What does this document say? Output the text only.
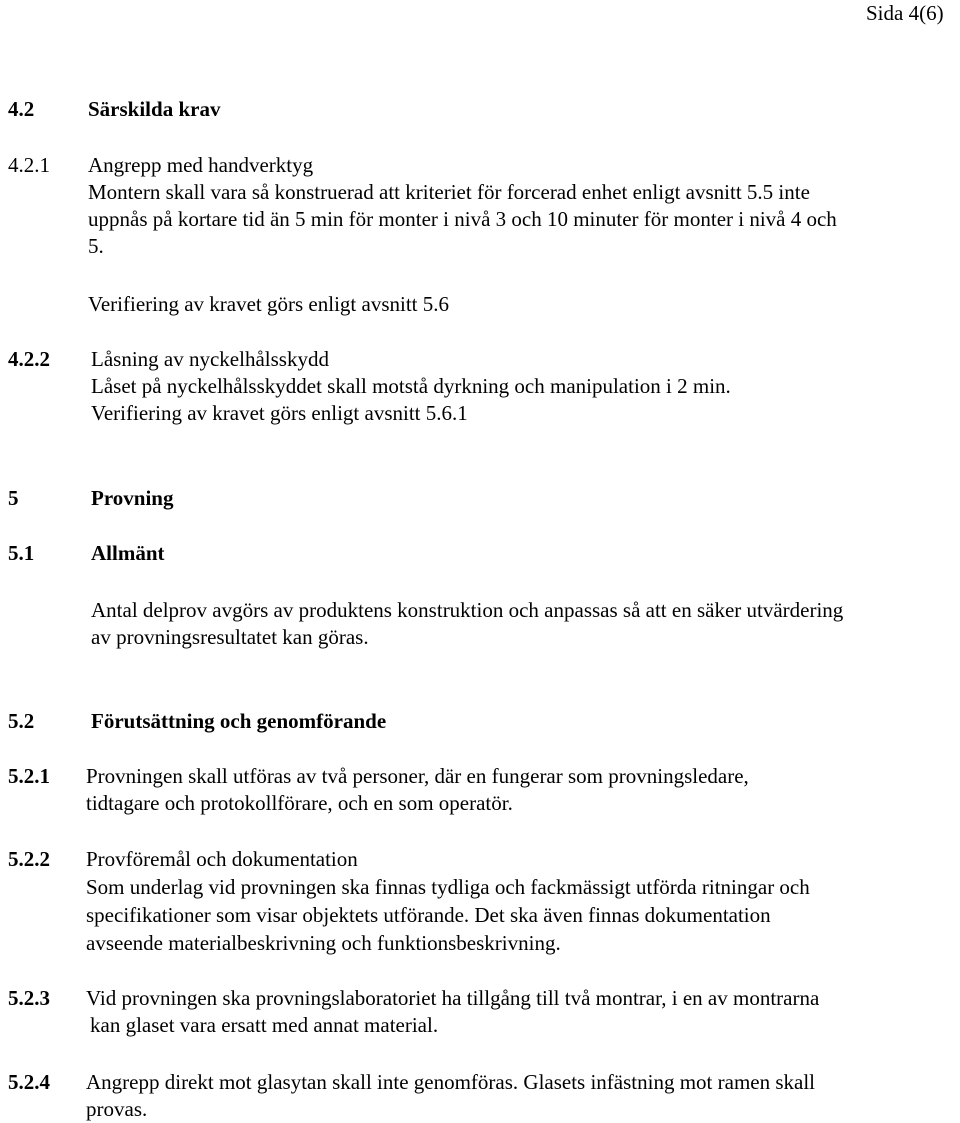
Sida 4(6)
4.2	Särskilda krav
4.2.1 Angrepp med handverktyg
Montern skall vara så konstruerad att kriteriet för forcerad enhet enligt avsnitt 5.5 inte
uppnås på kortare tid än 5 min för monter i nivå 3 och 10 minuter för monter i nivå 4 och
5.
Verifiering av kravet görs enligt avsnitt 5.6
4.2.2 Låsning av nyckelhålsskydd
Låset på nyckelhålsskyddet skall motstå dyrkning och manipulation i 2 min.
Verifiering av kravet görs enligt avsnitt 5.6.1
5	Provning
5.1	Allmänt
Antal delprov avgörs av produktens konstruktion och anpassas så att en säker utvärdering
av provningsresultatet kan göras.
5.2	Förutsättning och genomförande
5.2.1 Provningen skall utföras av två personer, där en fungerar som provningsledare,
tidtagare och protokollförare, och en som operatör.
5.2.2 Provföremål och dokumentation
Som underlag vid provningen ska finnas tydliga och fackmässigt utförda ritningar och
specifikationer som visar objektets utförande. Det ska även finnas dokumentation
avseende materialbeskrivning och funktionsbeskrivning.
5.2.3 Vid provningen ska provningslaboratoriet ha tillgång till två montrar, i en av montrarna
kan glaset vara ersatt med annat material.
5.2.4 Angrepp direkt mot glasytan skall inte genomföras. Glasets infästning mot ramen skall
provas.
